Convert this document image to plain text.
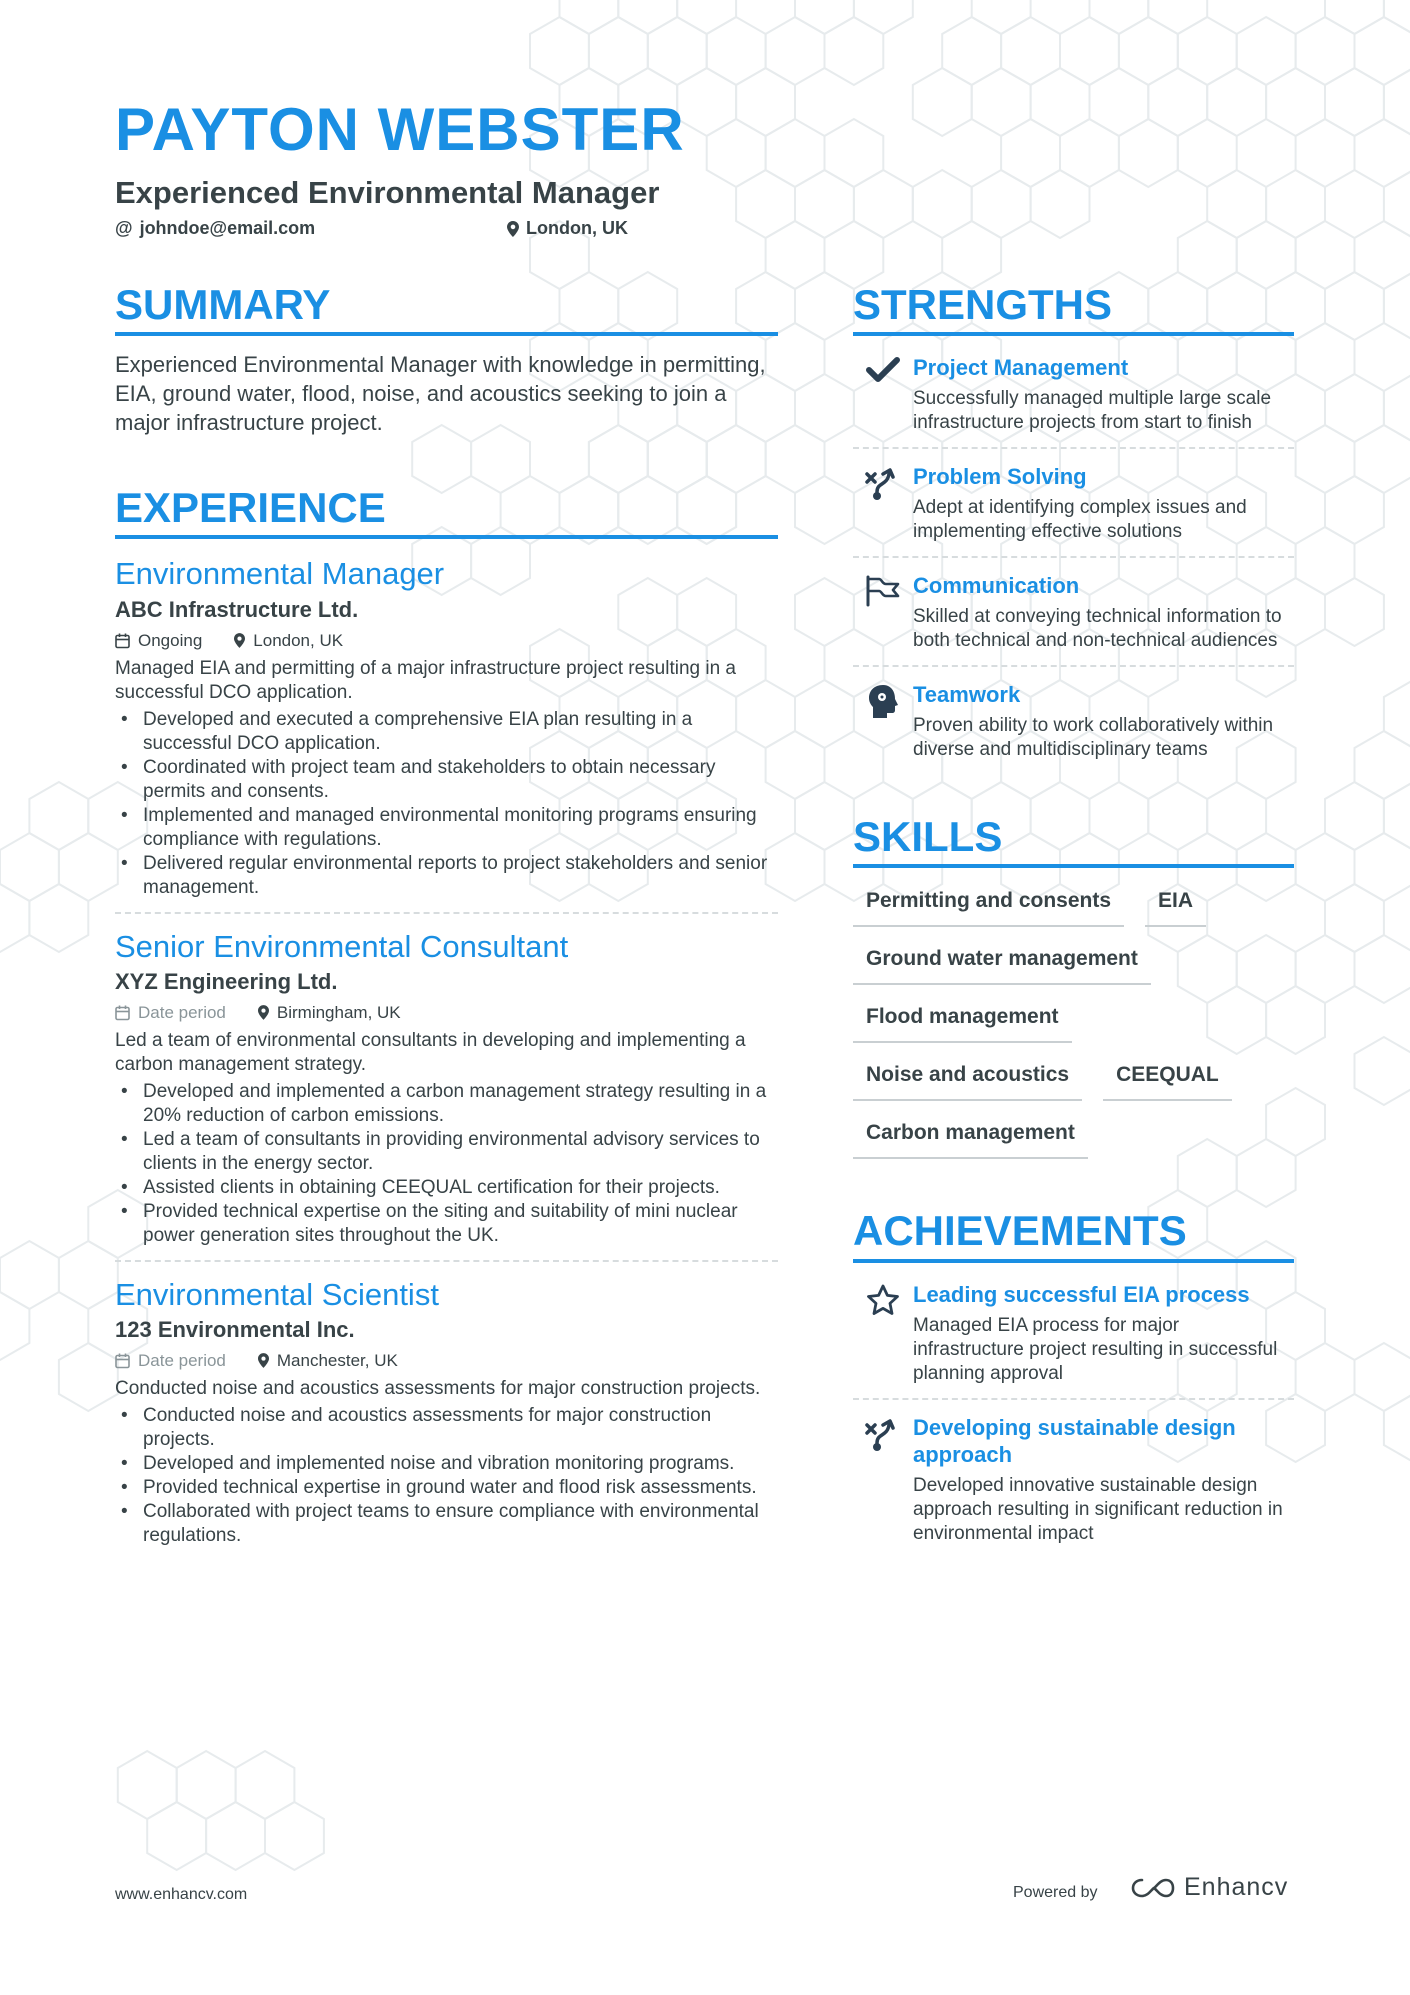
PAYTON WEBSTER
Experienced Environmental Manager
@ johndoe@email.com	London, UK
SUMMARY

Experienced Environmental Manager with knowledge in permitting, EIA, ground water, flood, noise, and acoustics seeking to join a major infrastructure project.

EXPERIENCE
Environmental Manager
ABC Infrastructure Ltd.
Ongoing	London, UK

Managed EIA and permitting of a major infrastructure project resulting in a successful DCO application.

• Developed and executed a comprehensive EIA plan resulting in a successful DCO application.
• Coordinated with project team and stakeholders to obtain necessary permits and consents.
• Implemented and managed environmental monitoring programs ensuring compliance with regulations.
• Delivered regular environmental reports to project stakeholders and senior management.
Senior Environmental Consultant
XYZ Engineering Ltd.
Date period	Birmingham, UK

Led a team of environmental consultants in developing and implementing a carbon management strategy.

• Developed and implemented a carbon management strategy resulting in a 20% reduction of carbon emissions.
• Led a team of consultants in providing environmental advisory services to clients in the energy sector.
• Assisted clients in obtaining CEEQUAL certification for their projects.
• Provided technical expertise on the siting and suitability of mini nuclear power generation sites throughout the UK.
Environmental Scientist
123 Environmental Inc.
Date period	Manchester, UK

Conducted noise and acoustics assessments for major construction projects.

• Conducted noise and acoustics assessments for major construction projects.
• Developed and implemented noise and vibration monitoring programs.
• Provided technical expertise in ground water and flood risk assessments.
• Collaborated with project teams to ensure compliance with environmental regulations.
STRENGTHS
Project Management
Successfully managed multiple large scale infrastructure projects from start to finish
Problem Solving
Adept at identifying complex issues and implementing effective solutions
Communication
Skilled at conveying technical information to both technical and non-technical audiences
Teamwork
Proven ability to work collaboratively within diverse and multidisciplinary teams
SKILLS
Permitting and consents	EIA
Ground water management
Flood management
Noise and acoustics	CEEQUAL
Carbon management
ACHIEVEMENTS
Leading successful EIA process
Managed EIA process for major infrastructure project resulting in successful planning approval
Developing sustainable design approach
Developed innovative sustainable design approach resulting in significant reduction in environmental impact
www.enhancv.com	Powered by	Enhancv
